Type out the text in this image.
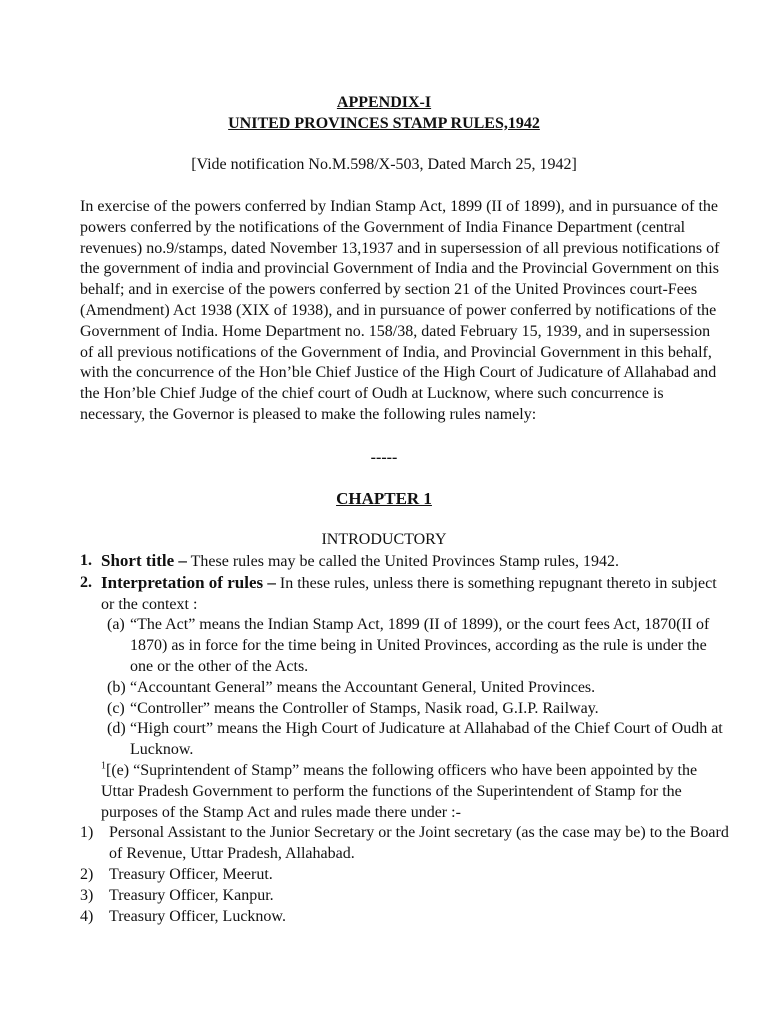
APPENDIX-I
UNITED PROVINCES STAMP RULES,1942
[Vide notification No.M.598/X-503, Dated March 25, 1942]

In exercise of the powers conferred by Indian Stamp Act, 1899 (II of 1899), and in pursuance of the powers conferred by the notifications of the Government of India Finance Department (central revenues) no.9/stamps, dated November 13,1937 and in supersession of all previous notifications of the government of india and provincial Government of India and the Provincial Government on this behalf; and in exercise of the powers conferred by section 21 of the United Provinces court-Fees (Amendment) Act 1938 (XIX of 1938), and in pursuance of power conferred by notifications of the Government of India. Home Department no. 158/38, dated February 15, 1939, and in supersession of all previous notifications of the Government of India, and Provincial Government in this behalf, with the concurrence of the Hon’ble Chief Justice of the High Court of Judicature of Allahabad and the Hon’ble Chief Judge of the chief court of Oudh at Lucknow, where such concurrence is necessary, the Governor is pleased to make the following rules namely:

-----
CHAPTER 1
INTRODUCTORY
1. Short title – These rules may be called the United Provinces Stamp rules, 1942.
2. Interpretation of rules – In these rules, unless there is something repugnant thereto in subject or the context :
(a) “The Act” means the Indian Stamp Act, 1899 (II of 1899), or the court fees Act, 1870(II of 1870) as in force for the time being in United Provinces, according as the rule is under the one or the other of the Acts.
(b) “Accountant General” means the Accountant General, United Provinces.
(c) “Controller” means the Controller of Stamps, Nasik road, G.I.P. Railway.
(d) “High court” means the High Court of Judicature at Allahabad of the Chief Court of Oudh at Lucknow.
$^1$[(e) “Suprintendent of Stamp” means the following officers who have been appointed by the Uttar Pradesh Government to perform the functions of the Superintendent of Stamp for the purposes of the Stamp Act and rules made there under :-
1) Personal Assistant to the Junior Secretary or the Joint secretary (as the case may be) to the Board of Revenue, Uttar Pradesh, Allahabad.
2) Treasury Officer, Meerut.
3) Treasury Officer, Kanpur.
4) Treasury Officer, Lucknow.
